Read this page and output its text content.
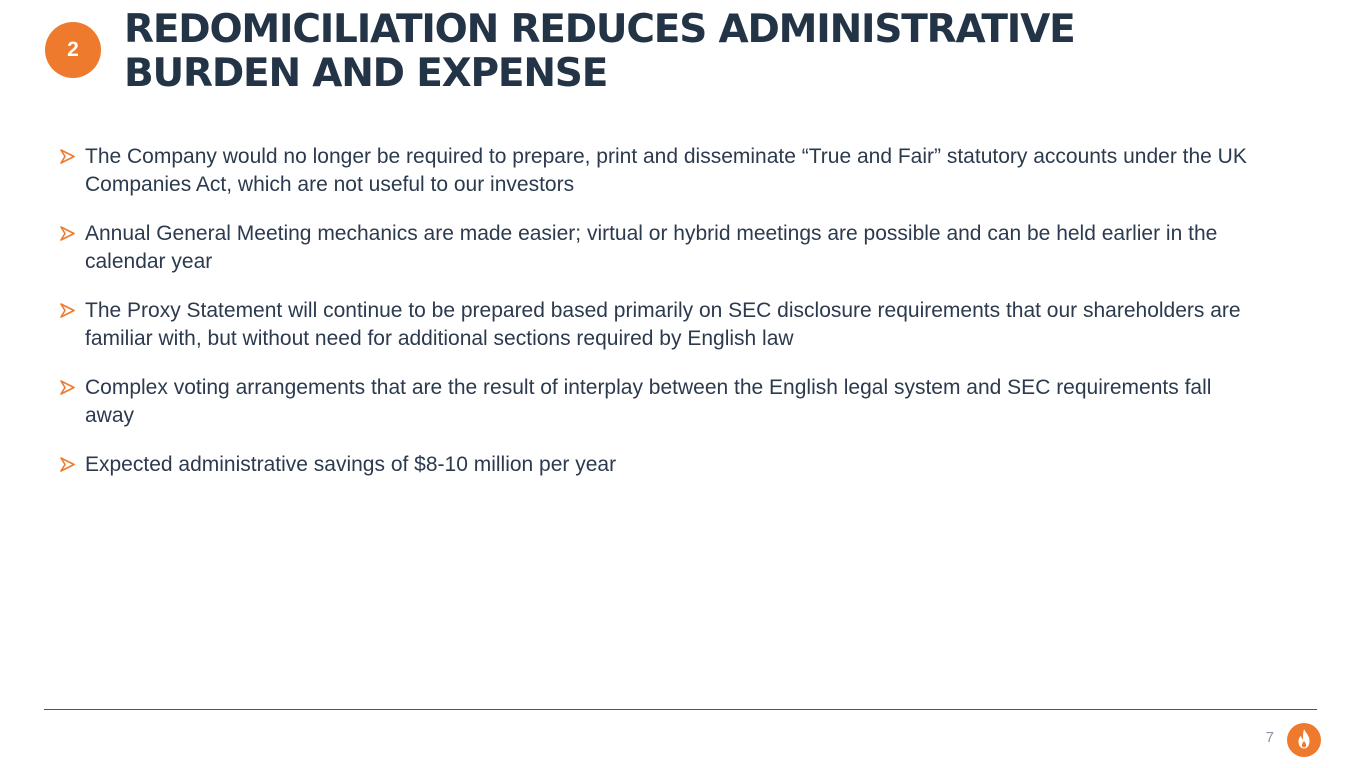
2	REDOMICILIATION REDUCES ADMINISTRATIVE
BURDEN AND EXPENSE
The Company would no longer be required to prepare, print and disseminate “True and Fair” statutory accounts under the UK Companies Act, which are not useful to our investors
Annual General Meeting mechanics are made easier; virtual or hybrid meetings are possible and can be held earlier in the calendar year
The Proxy Statement will continue to be prepared based primarily on SEC disclosure requirements that our shareholders are familiar with, but without need for additional sections required by English law
Complex voting arrangements that are the result of interplay between the English legal system and SEC requirements fall away
Expected administrative savings of $8-10 million per year
7
